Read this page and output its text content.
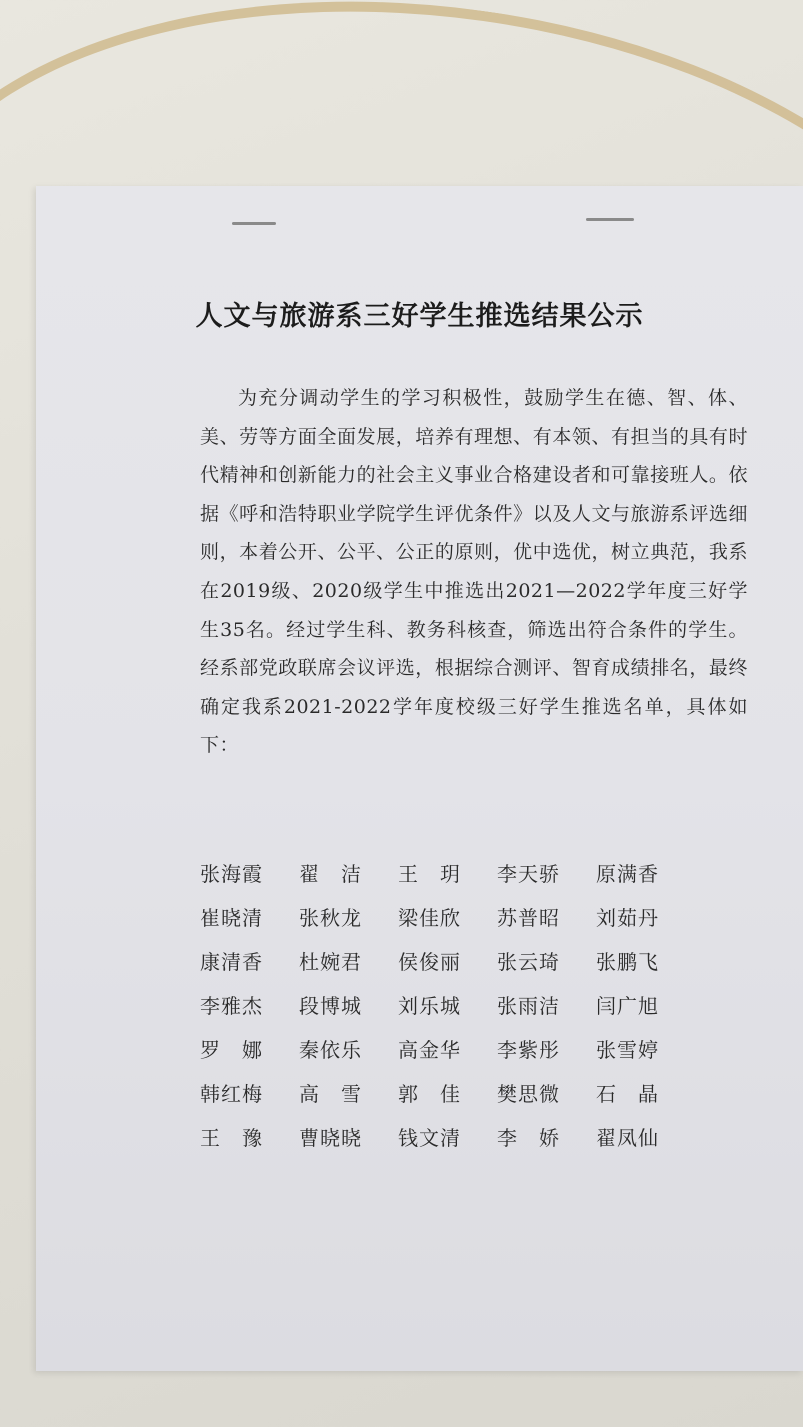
人文与旅游系三好学生推选结果公示
为充分调动学生的学习积极性，鼓励学生在德、智、体、美、劳等方面全面发展，培养有理想、有本领、有担当的具有时代精神和创新能力的社会主义事业合格建设者和可靠接班人。依据《呼和浩特职业学院学生评优条件》以及人文与旅游系评选细则，本着公开、公平、公正的原则，优中选优，树立典范，我系在2019级、2020级学生中推选出2021—2022学年度三好学生35名。经过学生科、教务科核查，筛选出符合条件的学生。经系部党政联席会议评选，根据综合测评、智育成绩排名，最终确定我系2021-2022学年度校级三好学生推选名单，具体如下：
张海霞	翟　洁	王　玥	李天骄	原满香
崔晓清	张秋龙	梁佳欣	苏普昭	刘茹丹
康清香	杜婉君	侯俊丽	张云琦	张鹏飞
李雅杰	段博城	刘乐城	张雨洁	闫广旭
罗　娜	秦依乐	高金华	李紫彤	张雪婷
韩红梅	高　雪	郭　佳	樊思微	石　晶
王　豫	曹晓晓	钱文清	李　娇	翟凤仙
